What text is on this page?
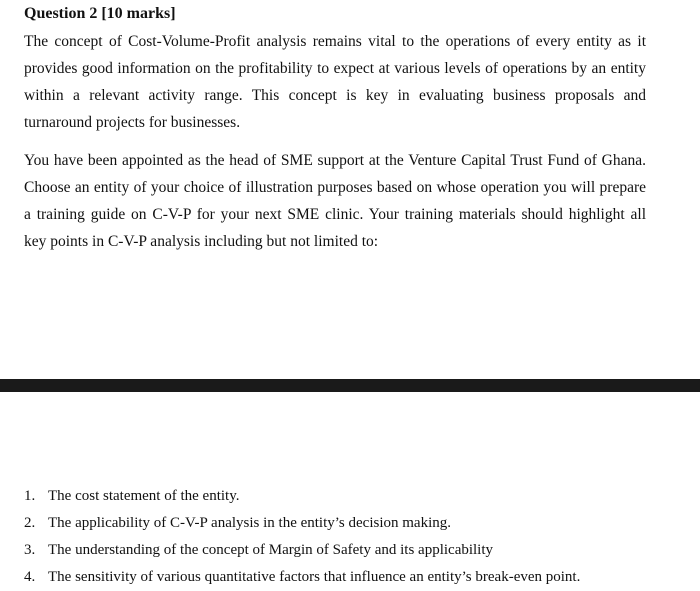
Question 2 [10 marks]
The concept of Cost-Volume-Profit analysis remains vital to the operations of every entity as it
provides good information on the profitability to expect at various levels of operations by an entity
within a relevant activity range. This concept is key in evaluating business proposals and
turnaround projects for businesses.
You have been appointed as the head of SME support at the Venture Capital Trust Fund of Ghana.
Choose an entity of your choice of illustration purposes based on whose operation you will prepare
a training guide on C-V-P for your next SME clinic. Your training materials should highlight all
key points in C-V-P analysis including but not limited to:
1. The cost statement of the entity.
2. The applicability of C-V-P analysis in the entity’s decision making.
3. The understanding of the concept of Margin of Safety and its applicability
4. The sensitivity of various quantitative factors that influence an entity’s break-even point.
